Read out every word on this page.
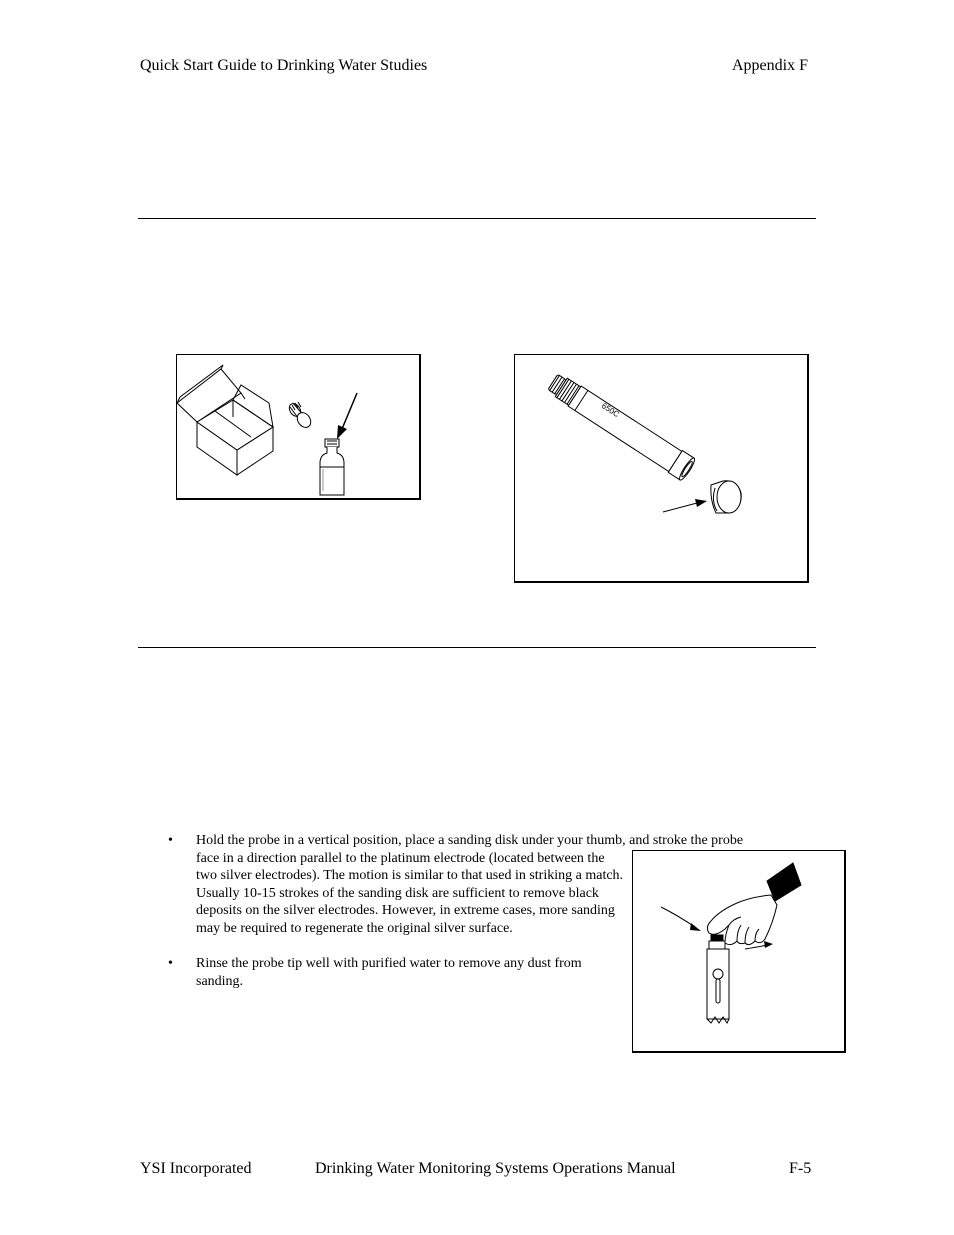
Quick Start Guide to Drinking Water Studies	Appendix F
650C
• Hold the probe in a vertical position, place a sanding disk under your thumb, and stroke the probe
face in a direction parallel to the platinum electrode (located between the two silver electrodes). The motion is similar to that used in striking a match. Usually 10-15 strokes of the sanding disk are sufficient to remove black deposits on the silver electrodes. However, in extreme cases, more sanding may be required to regenerate the original silver surface.
• Rinse the probe tip well with purified water to remove any dust from sanding.
YSI Incorporated	Drinking Water Monitoring Systems Operations Manual	F-5
